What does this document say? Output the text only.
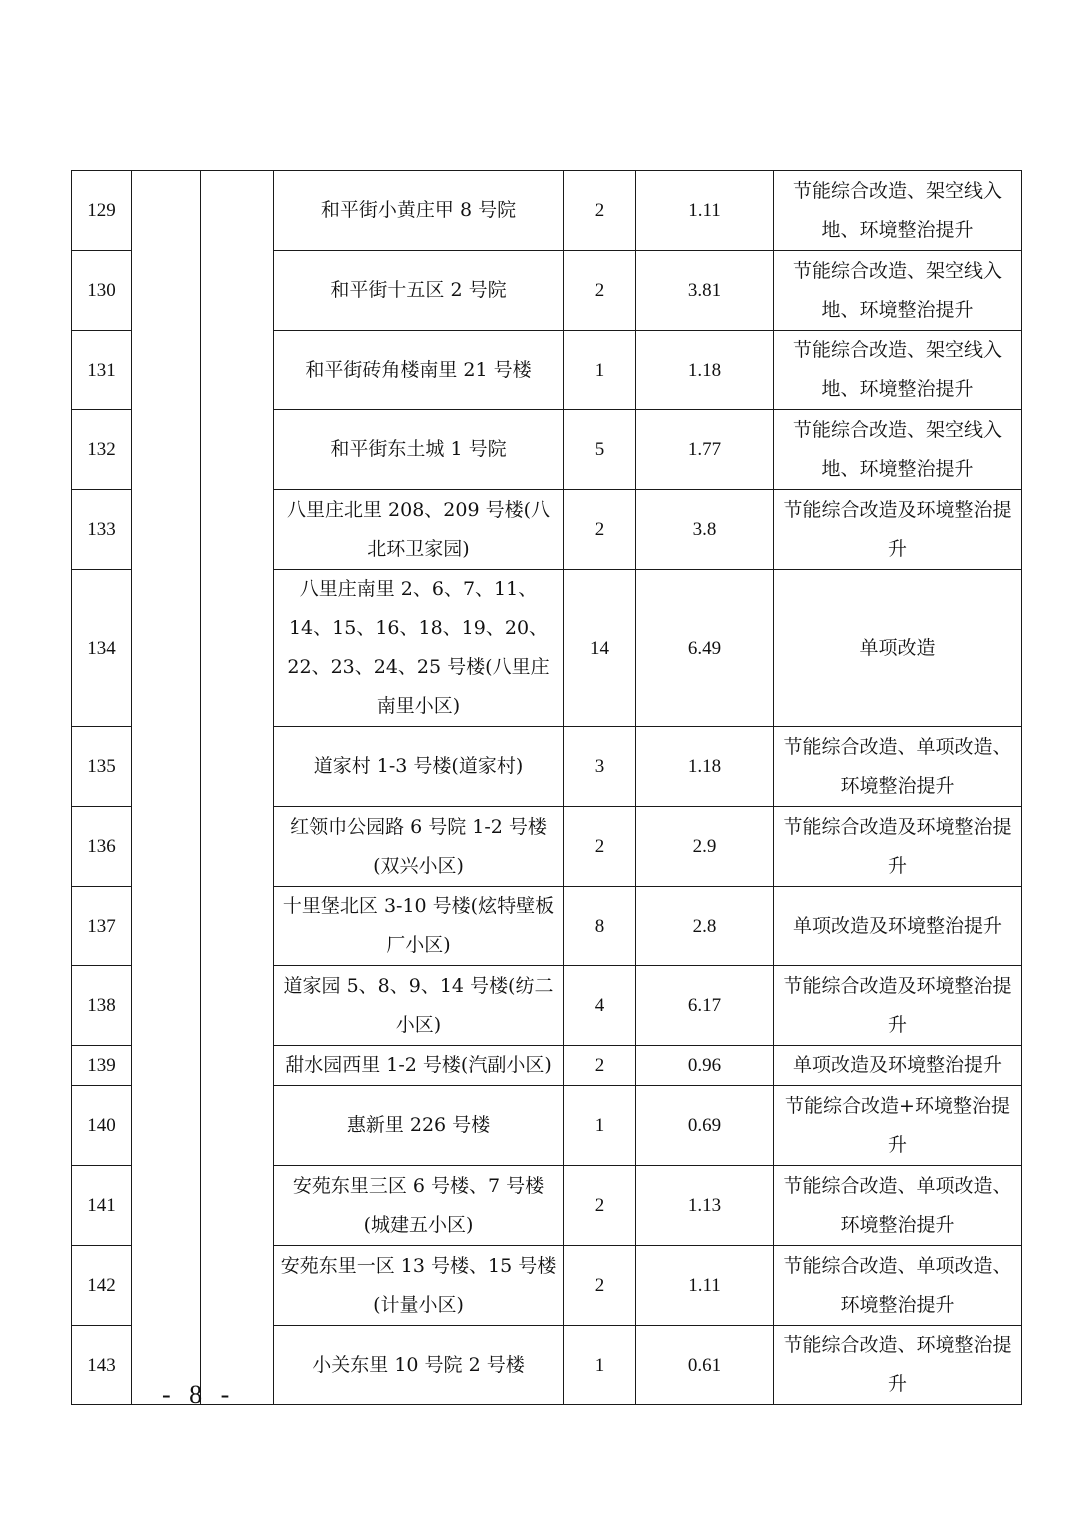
129			和平街小黄庄甲 8 号院	2	1.11	节能综合改造、架空线入地、环境整治提升
130			和平街十五区 2 号院	2	3.81	节能综合改造、架空线入地、环境整治提升
131			和平街砖角楼南里 21 号楼	1	1.18	节能综合改造、架空线入地、环境整治提升
132			和平街东土城 1 号院	5	1.77	节能综合改造、架空线入地、环境整治提升
133			八里庄北里 208、209 号楼(八北环卫家园)	2	3.8	节能综合改造及环境整治提升
134			八里庄南里 2、6、7、11、14、15、16、18、19、20、22、23、24、25 号楼(八里庄南里小区)	14	6.49	单项改造
135			道家村 1-3 号楼(道家村)	3	1.18	节能综合改造、单项改造、环境整治提升
136			红领巾公园路 6 号院 1-2 号楼(双兴小区)	2	2.9	节能综合改造及环境整治提升
137			十里堡北区 3-10 号楼(炫特壁板厂小区)	8	2.8	单项改造及环境整治提升
138			道家园 5、8、9、14 号楼(纺二小区)	4	6.17	节能综合改造及环境整治提升
139			甜水园西里 1-2 号楼(汽副小区)	2	0.96	单项改造及环境整治提升
140			惠新里 226 号楼	1	0.69	节能综合改造+环境整治提升
141			安苑东里三区 6 号楼、7 号楼(城建五小区)	2	1.13	节能综合改造、单项改造、环境整治提升
142			安苑东里一区 13 号楼、15 号楼(计量小区)	2	1.11	节能综合改造、单项改造、环境整治提升
143			小关东里 10 号院 2 号楼	1	0.61	节能综合改造、环境整治提升
- 8 -
